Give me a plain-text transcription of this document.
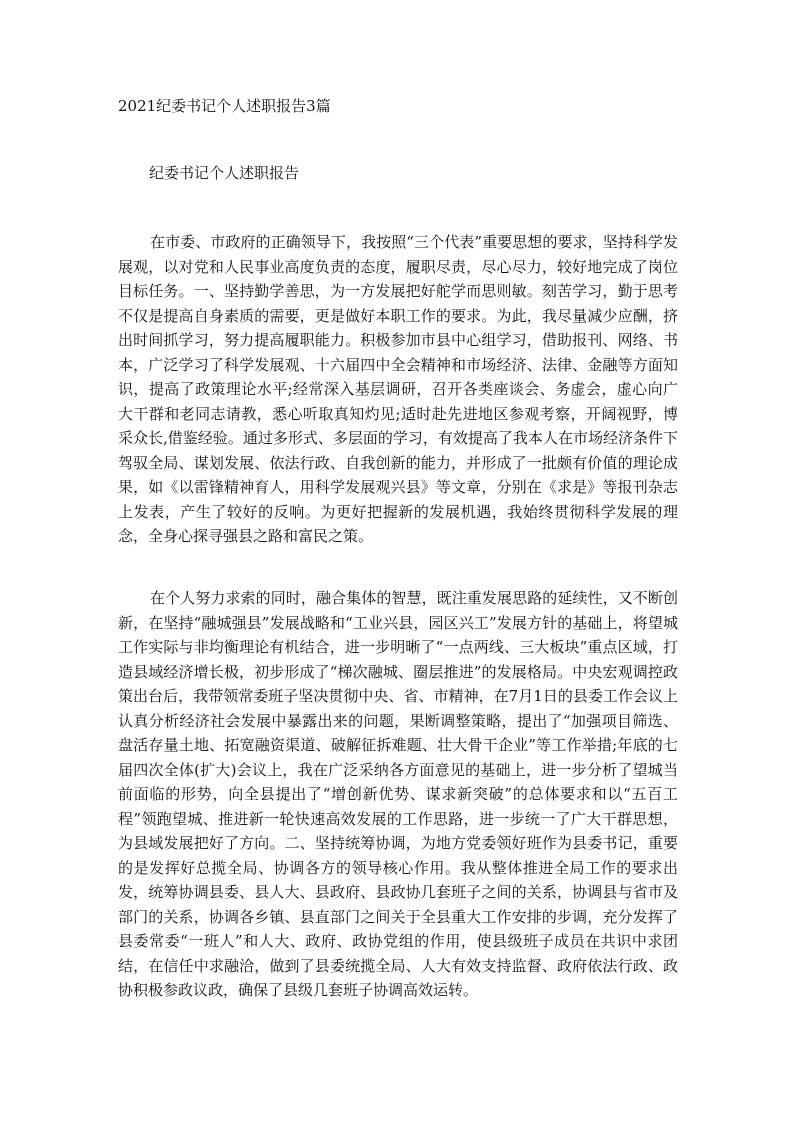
2021纪委书记个人述职报告3篇
纪委书记个人述职报告

在市委、市政府的正确领导下，我按照“三个代表”重要思想的要求，坚持科学发展观，以对党和人民事业高度负责的态度，履职尽责，尽心尽力，较好地完成了岗位目标任务。一、坚持勤学善思，为一方发展把好舵学而思则敏。刻苦学习，勤于思考不仅是提高自身素质的需要，更是做好本职工作的要求。为此，我尽量减少应酬，挤出时间抓学习，努力提高履职能力。积极参加市县中心组学习，借助报刊、网络、书本，广泛学习了科学发展观、十六届四中全会精神和市场经济、法律、金融等方面知识，提高了政策理论水平;经常深入基层调研，召开各类座谈会、务虚会，虚心向广大干群和老同志请教，悉心听取真知灼见;适时赴先进地区参观考察，开阔视野，博采众长,借鉴经验。通过多形式、多层面的学习，有效提高了我本人在市场经济条件下驾驭全局、谋划发展、依法行政、自我创新的能力，并形成了一批颇有价值的理论成果，如《以雷锋精神育人，用科学发展观兴县》等文章，分别在《求是》等报刊杂志上发表，产生了较好的反响。为更好把握新的发展机遇，我始终贯彻科学发展的理念，全身心探寻强县之路和富民之策。

在个人努力求索的同时，融合集体的智慧，既注重发展思路的延续性，又不断创新，在坚持“融城强县”发展战略和“工业兴县，园区兴工”发展方针的基础上，将望城工作实际与非均衡理论有机结合，进一步明晰了“一点两线、三大板块”重点区域，打造县域经济增长极，初步形成了“梯次融城、圈层推进”的发展格局。中央宏观调控政策出台后，我带领常委班子坚决贯彻中央、省、市精神，在7月1日的县委工作会议上认真分析经济社会发展中暴露出来的问题，果断调整策略，提出了“加强项目筛选、盘活存量土地、拓宽融资渠道、破解征拆难题、壮大骨干企业”等工作举措;年底的七届四次全体(扩大)会议上，我在广泛采纳各方面意见的基础上，进一步分析了望城当前面临的形势，向全县提出了“增创新优势、谋求新突破”的总体要求和以“五百工程”领跑望城、推进新一轮快速高效发展的工作思路，进一步统一了广大干群思想，为县域发展把好了方向。二、坚持统筹协调，为地方党委领好班作为县委书记，重要的是发挥好总揽全局、协调各方的领导核心作用。我从整体推进全局工作的要求出发，统筹协调县委、县人大、县政府、县政协几套班子之间的关系，协调县与省市及部门的关系，协调各乡镇、县直部门之间关于全县重大工作安排的步调，充分发挥了县委常委“一班人”和人大、政府、政协党组的作用，使县级班子成员在共识中求团结，在信任中求融洽，做到了县委统揽全局、人大有效支持监督、政府依法行政、政协积极参政议政，确保了县级几套班子协调高效运转。
